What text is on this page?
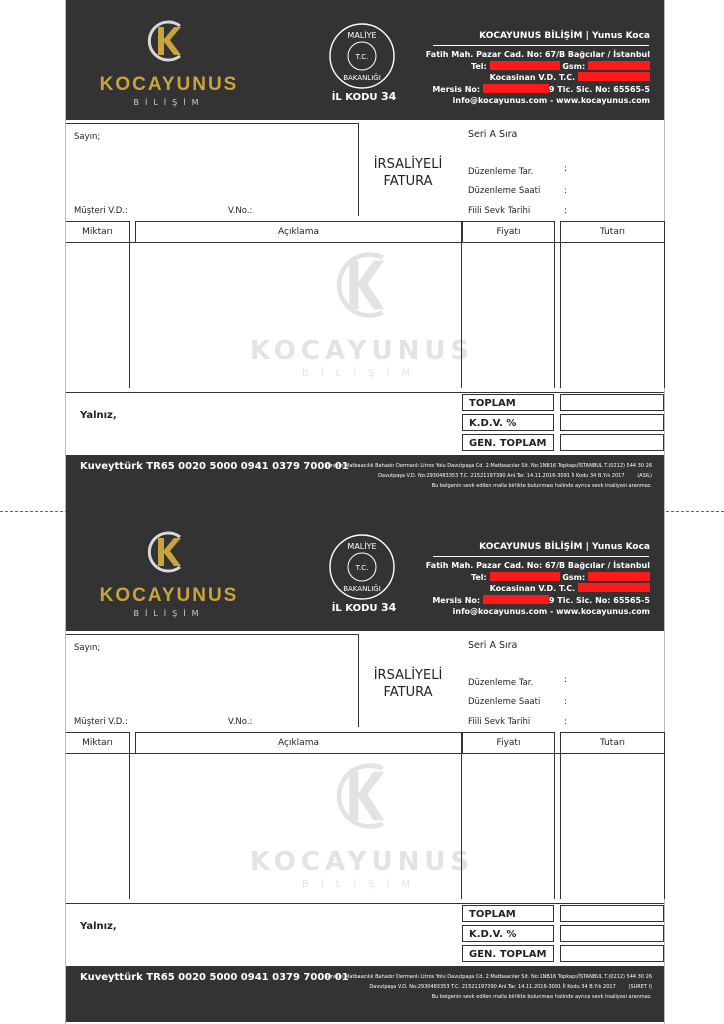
KOCAYUNUS
BİLİŞİM
MALİYE
T.C.
BAKANLIĞI
İL KODU 34
KOCAYUNUS BİLİŞİM | Yunus Koca
Fatih Mah. Pazar Cad. No: 67/B Bağcılar / İstanbul
Tel:	Gsm:
Kocasinan V.D. T.C.
Mersis No:	9 Tic. Sic. No: 65565-5
info@kocayunus.com - www.kocayunus.com
Sayın;
Müşteri V.D.:	V.No.:
İRSALİYELİ
FATURA
Seri A Sıra
Düzenleme Tar.	:
Düzenleme Saati	:
Fiili Sevk Tarihi	:
Miktarı	Açıklama	Fiyatı	Tutarı
KOCAYUNUS
BİLİŞİM
Yalnız,
TOPLAM
K.D.V. %
GEN. TOPLAM
Kuveyttürk TR65 0020 5000 0941 0379 7000 01
Tanıtım Matbaacılık Bahadır Dermanlı Litros Yolu Davutpaşa Cd. 2.Matbaacılar Sit. No:1NB16 Topkapı/İSTANBUL T.(0212) 544 30 26
Davutpaşa V.D. No:2930483353 T.C. 21521197390 Anl.Tar. 14.11.2016-3091 İl Kodu 34 B.Yılı 2017	(ASIL)
Bu belgenin sevk edilen malla birlikte bulunması halinde ayrıca sevk irsaliyesi aranmaz.
KOCAYUNUS
BİLİŞİM
MALİYE
T.C.
BAKANLIĞI
İL KODU 34
KOCAYUNUS BİLİŞİM | Yunus Koca
Fatih Mah. Pazar Cad. No: 67/B Bağcılar / İstanbul
Tel:	Gsm:
Kocasinan V.D. T.C.
Mersis No:	9 Tic. Sic. No: 65565-5
info@kocayunus.com - www.kocayunus.com
Sayın;
Müşteri V.D.:	V.No.:
İRSALİYELİ
FATURA
Seri A Sıra
Düzenleme Tar.	:
Düzenleme Saati	:
Fiili Sevk Tarihi	:
Miktarı	Açıklama	Fiyatı	Tutarı
KOCAYUNUS
BİLİŞİM
Yalnız,
TOPLAM
K.D.V. %
GEN. TOPLAM
Kuveyttürk TR65 0020 5000 0941 0379 7000 01
Tanıtım Matbaacılık Bahadır Dermanlı Litros Yolu Davutpaşa Cd. 2.Matbaacılar Sit. No:1NB16 Topkapı/İSTANBUL T.(0212) 544 30 26
Davutpaşa V.D. No:2930483353 T.C. 21521197390 Anl.Tar. 14.11.2016-3091 İl Kodu 34 B.Yılı 2017	(SURET I)
Bu belgenin sevk edilen malla birlikte bulunması halinde ayrıca sevk irsaliyesi aranmaz.
